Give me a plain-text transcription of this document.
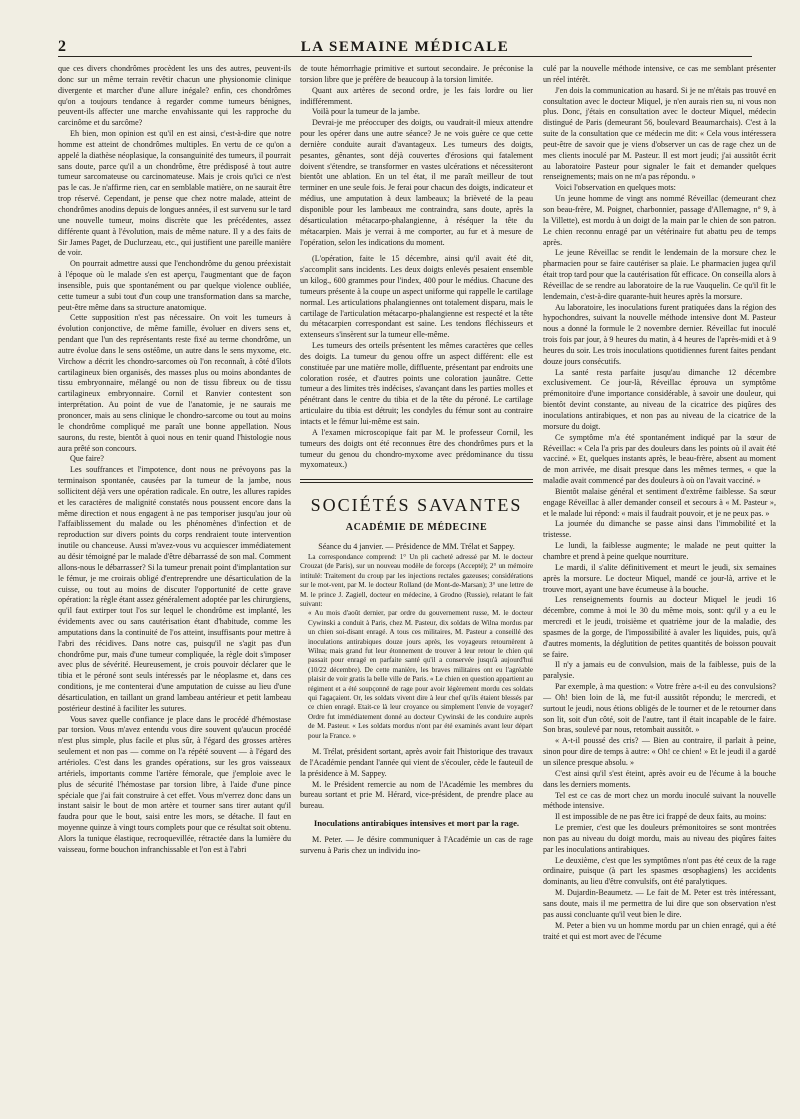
2	LA SEMAINE MÉDICALE

que ces divers chondrômes procèdent les uns des autres, peuvent-ils donc sur un même terrain revêtir chacun une physionomie clinique divergente et marcher d'une allure inégale? enfin, ces chondrômes qu'on a toujours tendance à regarder comme tumeurs bénignes, peuvent-ils affecter une marche envahissante qui les rapproche du carcinôme et du sarcôme?

Eh bien, mon opinion est qu'il en est ainsi, c'est-à-dire que notre homme est atteint de chondrômes multiples. En vertu de ce qu'on a appelé la diathèse néoplasique, la consanguinité des tumeurs, il pourrait sans doute, parce qu'il a un chondrôme, être prédisposé à tout autre tumeur sarcomateuse ou carcinomateuse. Mais je crois qu'ici ce n'est pas le cas. Je n'affirme rien, car en semblable matière, on ne saurait être trop réservé. Cependant, je pense que chez notre malade, atteint de chondrômes anodins depuis de longues années, il est survenu sur le tard une nouvelle tumeur, moins discrète que les précédentes, assez différente quant à l'évolution, mais de même nature. Il y a des faits de Sir James Paget, de Duclurzeau, etc., qui justifient une pareille manière de voir.

On pourrait admettre aussi que l'enchondrôme du genou préexistait à l'époque où le malade s'en est aperçu, l'augmentant que de façon insensible, puis que spontanément ou par quelque violence oubliée, cette tumeur a subi tout d'un coup une transformation dans sa marche, peut-être même dans sa structure anatomique.

Cette supposition n'est pas nécessaire. On voit les tumeurs à évolution conjonctive, de même famille, évoluer en divers sens et, pendant que l'un des représentants reste fixé au terme chondrôme, un autre évolue dans le sens ostéôme, un autre dans le sens myxome, etc. Virchow a décrit les chondro-sarcomes où l'on reconnaît, à côté d'îlots cartilagineux bien organisés, des masses plus ou moins abondantes de tissu embryonnaire, mélangé ou non de tissu fibreux ou de tissu cartilagineux embryonnaire. Cornil et Ranvier contestent son interprétation. Au point de vue de l'anatomie, je ne saurais me prononcer, mais au sens clinique le chondro-sarcome ou tout au moins le chondrôme compliqué me paraît une bonne appellation. Nous saurons, du reste, bientôt à quoi nous en tenir quand l'histologie nous aura prêté son concours.

Que faire?

Les souffrances et l'impotence, dont nous ne prévoyons pas la terminaison spontanée, causées par la tumeur de la jambe, nous sollicitent déjà vers une opération radicale. En outre, les allures rapides et les caractères de malignité constatés nous poussent encore dans la même direction et nous engagent à ne pas temporiser jusqu'au jour où l'affaiblissement du malade ou les phénomènes d'infection et de reproduction sur divers points du corps rendraient toute intervention inutile ou chanceuse. Aussi m'avez-vous vu acquiescer immédiatement au désir témoigné par le malade d'être débarrassé de son mal. Comment allons-nous le débarrasser? Si la tumeur prenait point d'implantation sur le fémur, je me croirais obligé d'entreprendre une désarticulation de la cuisse, ou tout au moins de discuter l'opportunité de cette grave opération: la règle étant assez généralement adoptée par les chirurgiens, qu'il faut extirper tout l'os sur lequel le chondrôme est implanté, les évidements avec ou sans cautérisation étant d'habitude, comme les amputations dans la continuité de l'os atteint, insuffisants pour mettre à l'abri des récidives. Dans notre cas, puisqu'il ne s'agit pas d'un chondrôme pur, mais d'une tumeur compliquée, la règle doit s'imposer avec plus de sévérité. Heureusement, je crois pouvoir déclarer que le tibia et le péroné sont seuls intéressés par le néoplasme et, dans ces conditions, je me contenterai d'une amputation de cuisse au lieu d'une désarticulation, en taillant un grand lambeau antérieur et petit lambeau postérieur destiné à faciliter les sutures.

Vous savez quelle confiance je place dans le procédé d'hémostase par torsion. Vous m'avez entendu vous dire souvent qu'aucun procédé n'est plus simple, plus facile et plus sûr, à l'égard des grosses artères seulement et non pas — comme on l'a répété souvent — à l'égard des artérioles. C'est dans les grandes opérations, sur les gros vaisseaux artériels, importants comme l'artère fémorale, que j'emploie avec le plus de sécurité l'hémostase par torsion libre, à l'aide d'une pince spéciale que j'ai fait construire à cet effet. Vous m'verrez donc dans un instant saisir le bout de mon artère et tourner sans tirer autant qu'il faudra pour que le bout, saisi entre les mors, se détache. Il faut en moyenne quinze à vingt tours complets pour que ce résultat soit obtenu. Alors la tunique élastique, recroquevillée, rétractée dans la lumière du vaisseau, forme bouchon infranchissable et l'on est à l'abri

de toute hémorrhagie primitive et surtout secondaire. Je préconise la torsion libre que je préfère de beaucoup à la torsion limitée.

Quant aux artères de second ordre, je les fais lordre ou lier indifféremment.

Voilà pour la tumeur de la jambe.

Devrai-je me préoccuper des doigts, ou vaudrait-il mieux attendre pour les opérer dans une autre séance? Je ne vois guère ce que cette dernière conduite aurait d'avantageux. Les tumeurs des doigts, pesantes, gênantes, sont déjà couvertes d'érosions qui fatalement doivent s'étendre, se transformer en vastes ulcérations et nécessiteront bientôt une ablation. En un tel état, il me paraît meilleur de tout terminer en une seule fois. Je ferai pour chacun des doigts, indicateur et médius, une amputation à deux lambeaux; la brièveté de la peau disponible pour les lambeaux me contraindra, sans doute, après la désarticulation métacarpo-phalangienne, à réséquer la tête du métacarpien. Mais je verrai à me comporter, au fur et à mesure de l'opération, selon les indications du moment.

(L'opération, faite le 15 décembre, ainsi qu'il avait été dit, s'accomplit sans incidents. Les deux doigts enlevés pesaient ensemble un kilog., 600 grammes pour l'index, 400 pour le médius. Chacune des tumeurs présente à la coupe un aspect uniforme qui rappelle le cartilage normal. Les articulations phalangiennes ont totalement disparu, mais le cartilage de l'articulation métacarpo-phalangienne est respecté et la tête du métacarpien correspondant est saine. Les tendons fléchisseurs et extenseurs s'insèrent sur la tumeur elle-même.

Les tumeurs des orteils présentent les mêmes caractères que celles des doigts. La tumeur du genou offre un aspect différent: elle est constituée par une matière molle, diffluente, présentant par endroits une coloration rosée, et d'autres points une coloration jaunâtre. Cette tumeur a des limites très indécises, s'avançant dans les parties molles et pénétrant dans le centre du tibia et de la tête du péroné. Le cartilage articulaire du tibia est détruit; les condyles du fémur sont au contraire intacts et le fémur lui-même est sain.

A l'examen microscopique fait par M. le professeur Cornil, les tumeurs des doigts ont été reconnues être des chondrômes purs et la tumeur du genou du chondro-myxome avec prédominance du tissu myxomateux.)

SOCIÉTÉS SAVANTES
ACADÉMIE DE MÉDECINE

Séance du 4 janvier. — Présidence de MM. Trélat et Sappey.

La correspondance comprend: 1° Un pli cacheté adressé par M. le docteur Crouzat (de Paris), sur un nouveau modèle de forceps (Accepté); 2° un mémoire intitulé: Traitement du croup par les injections rectales gazeuses; considérations sur le mot-vent, par M. le docteur Rolland (de Mont-de-Marsan); 3° une lettre de M. le prince J. Zagiell, docteur en médecine, à Grodno (Russie), relatant le fait suivant:

« Au mois d'août dernier, par ordre du gouvernement russe, M. le docteur Cywinski a conduit à Paris, chez M. Pasteur, dix soldats de Wilna mordus par un chien soi-disant enragé. A tous ces militaires, M. Pasteur a conseillé des inoculations antirabiques douze jours après, les voyageurs retournèrent à Wilna; mais grand fut leur étonnement de trouver à leur retour le chien qui passait pour enragé en parfaite santé qu'il a conservée jusqu'à aujourd'hui (10/22 décembre). De cette manière, les braves militaires ont eu l'agréable plaisir de voir gratis la belle ville de Paris. « Le chien en question appartient au régiment et a été soupçonné de rage pour avoir légèrement mordu ces soldats qui l'agaçaient. Or, les soldats vivent dire à leur chef qu'ils étaient blessés par ce chien enragé. Etait-ce là leur croyance ou simplement l'envie de voyager? Ordre fut immédiatement donné au docteur Cywinski de les conduire auprès de M. Pasteur. « Les soldats mordus n'ont par été examinés avant leur départ pour la France. »

M. Trélat, président sortant, après avoir fait l'historique des travaux de l'Académie pendant l'année qui vient de s'écouler, cède le fauteuil de la présidence à M. Sappey.

M. le Président remercie au nom de l'Académie les membres du bureau sortant et prie M. Hérard, vice-président, de prendre place au bureau.

Inoculations antirabiques intensives et mort par la rage.

M. Peter. — Je désire communiquer à l'Académie un cas de rage survenu à Paris chez un individu ino-

culé par la nouvelle méthode intensive, ce cas me semblant présenter un réel intérêt.

J'en dois la communication au hasard. Si je ne m'étais pas trouvé en consultation avec le docteur Miquel, je n'en aurais rien su, ni vous non plus. Donc, j'étais en consultation avec le docteur Miquel, médecin distingué de Paris (demeurant 56, boulevard Beaumarchais). C'est à la suite de la consultation que ce médecin me dit: « Cela vous intéressera peut-être de savoir que je viens d'observer un cas de rage chez un de mes clients inoculé par M. Pasteur. Il est mort jeudi; j'ai aussitôt écrit au laboratoire Pasteur pour signaler le fait et demander quelques renseignements; mais on ne m'a pas répondu. »

Voici l'observation en quelques mots:

Un jeune homme de vingt ans nommé Réveillac (demeurant chez son beau-frère, M. Poignet, charbonnier, passage d'Allemagne, n° 9, à la Villette), est mordu à un doigt de la main par le chien de son patron. Le chien reconnu enragé par un vétérinaire fut abattu peu de temps après.

Le jeune Réveillac se rendit le lendemain de la morsure chez le pharmacien pour se faire cautériser sa plaie. Le pharmacien jugea qu'il était trop tard pour que la cautérisation fût efficace. On conseilla alors à Réveillac de se rendre au laboratoire de la rue Vauquelin. Ce qu'il fit le lendemain, c'est-à-dire quarante-huit heures après la morsure.

Au laboratoire, les inoculations furent pratiquées dans la région des hypochondres, suivant la nouvelle méthode intensive dont M. Pasteur nous a donné la formule le 2 novembre dernier. Réveillac fut inoculé trois fois par jour, à 9 heures du matin, à 4 heures de l'après-midi et à 9 heures du soir. Les trois inoculations quotidiennes furent faites pendant douze jours consécutifs.

La santé resta parfaite jusqu'au dimanche 12 décembre exclusivement. Ce jour-là, Réveillac éprouva un symptôme prémonitoire d'une importance considérable, à savoir une douleur, qui bientôt devint constante, au niveau de la cicatrice des piqûres des inoculations antirabiques, et non pas au niveau de la cicatrice de la morsure du doigt.

Ce symptôme m'a été spontanément indiqué par la sœur de Réveillac: « Cela l'a pris par des douleurs dans les points où il avait été vacciné. » Et, quelques instants après, le beau-frère, absent au moment de mon arrivée, me disait presque dans les mêmes termes, « que la maladie avait commencé par des douleurs à où on l'avait vacciné. »

Bientôt malaise général et sentiment d'extrême faiblesse. Sa sœur engage Réveillac à aller demander conseil et secours à « M. Pasteur », et le malade lui répond: « mais il faudrait pouvoir, et je ne peux pas. »

La journée du dimanche se passe ainsi dans l'immobilité et la tristesse.

Le lundi, la faiblesse augmente; le malade ne peut quitter la chambre et prend à peine quelque nourriture.

Le mardi, il s'alite définitivement et meurt le jeudi, six semaines après la morsure. Le docteur Miquel, mandé ce jour-là, arrive et le trouve mort, ayant une bave écumeuse à la bouche.

Les renseignements fournis au docteur Miquel le jeudi 16 décembre, comme à moi le 30 du même mois, sont: qu'il y a eu le mercredi et le jeudi, troisième et quatrième jour de la maladie, des spasmes de la gorge, de l'impossibilité à avaler les liquides, puis, qu'à d'autres moments, la déglutition de petites quantités de boisson pouvait se faire.

Il n'y a jamais eu de convulsion, mais de la faiblesse, puis de la paralysie.

Par exemple, à ma question: « Votre frère a-t-il eu des convulsions? — Oh! bien loin de là, me fut-il aussitôt répondu; le mercredi, et surtout le jeudi, nous étions obligés de le tourner et de le retourner dans son lit, soit d'un côté, soit de l'autre, tant il était incapable de le faire. Son bras, soulevé par nous, retombait aussitôt. »

« A-t-il poussé des cris? — Bien au contraire, il parlait à peine, sinon pour dire de temps à autre: « Oh! ce chien! » Et le jeudi il a gardé un silence presque absolu. »

C'est ainsi qu'il s'est éteint, après avoir eu de l'écume à la bouche dans les derniers moments.

Tel est ce cas de mort chez un mordu inoculé suivant la nouvelle méthode intensive.

Il est impossible de ne pas être ici frappé de deux faits, au moins:

Le premier, c'est que les douleurs prémonitoires se sont montrées non pas au niveau du doigt mordu, mais au niveau des piqûres faites par les inoculations antirabiques.

Le deuxième, c'est que les symptômes n'ont pas été ceux de la rage ordinaire, puisque (à part les spasmes œsophagiens) les accidents dominants, au lieu d'être convulsifs, ont été paralytiques.

M. Dujardin-Beaumetz. — Le fait de M. Peter est très intéressant, sans doute, mais il me permettra de lui dire que son observation n'est pas aussi concluante qu'il veut bien le dire.

M. Peter a bien vu un homme mordu par un chien enragé, qui a été traité et qui est mort avec de l'écume
